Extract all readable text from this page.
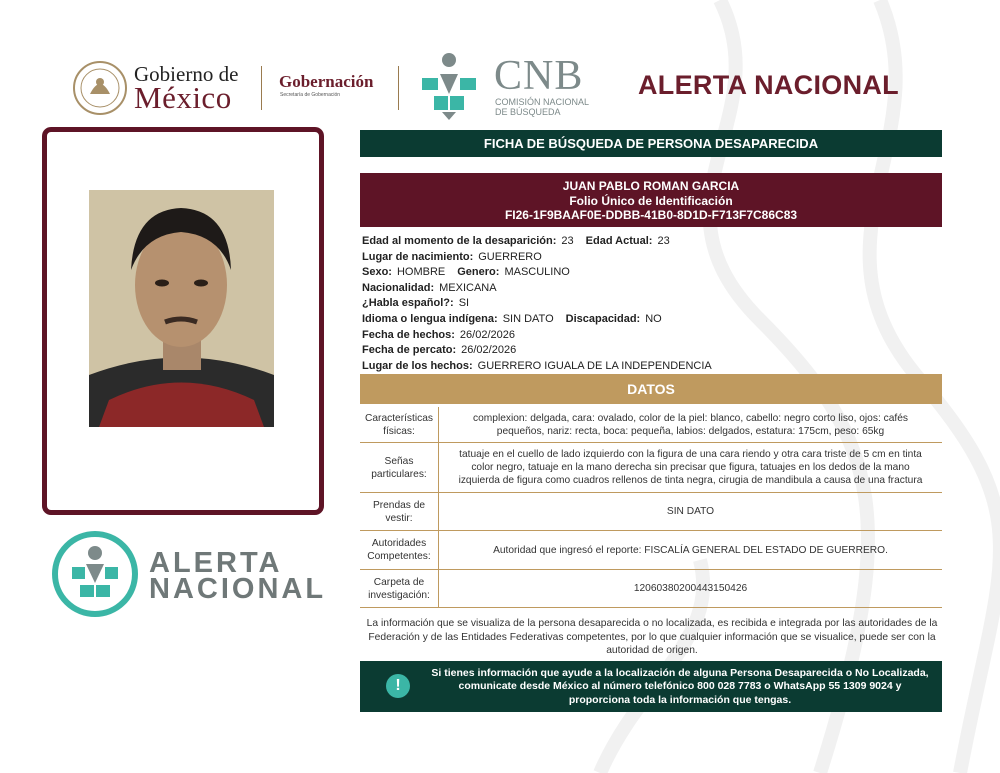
Gobierno de
México	Gobernación
Secretaría de Gobernación	CNB
COMISIÓN NACIONAL
DE BÚSQUEDA
ALERTA NACIONAL
ALERTA
NACIONAL
FICHA DE BÚSQUEDA DE PERSONA DESAPARECIDA
JUAN PABLO ROMAN GARCIA
Folio Único de Identificación
FI26-1F9BAAF0E-DDBB-41B0-8D1D-F713F7C86C83
Edad al momento de la desaparición: 23 Edad Actual: 23
Lugar de nacimiento: GUERRERO
Sexo: HOMBRE Genero: MASCULINO
Nacionalidad: MEXICANA
¿Habla español?: SI
Idioma o lengua indígena: SIN DATO Discapacidad: NO
Fecha de hechos: 26/02/2026
Fecha de percato: 26/02/2026
Lugar de los hechos: GUERRERO IGUALA DE LA INDEPENDENCIA
DATOS
Características
físicas:
complexion: delgada, cara: ovalado, color de la piel: blanco, cabello: negro corto liso, ojos: cafés pequeños, nariz: recta, boca: pequeña, labios: delgados, estatura: 175cm, peso: 65kg
Señas
particulares:
tatuaje en el cuello de lado izquierdo con la figura de una cara riendo y otra cara triste de 5 cm en tinta color negro, tatuaje en la mano derecha sin precisar que figura, tatuajes en los dedos de la mano izquierda de figura como cuadros rellenos de tinta negra, cirugia de mandibula a causa de una fractura
Prendas de
vestir:
SIN DATO
Autoridades
Competentes:
Autoridad que ingresó el reporte: FISCALÍA GENERAL DEL ESTADO DE GUERRERO.
Carpeta de
investigación:
12060380200443150426
La información que se visualiza de la persona desaparecida o no localizada, es recibida e integrada por las autoridades de la Federación y de las Entidades Federativas competentes, por lo que cualquier información que se visualice, puede ser con la autoridad de origen.
!
Si tienes información que ayude a la localización de alguna Persona Desaparecida o No Localizada, comunicate desde México al número telefónico 800 028 7783 o WhatsApp 55 1309 9024 y proporciona toda la información que tengas.
